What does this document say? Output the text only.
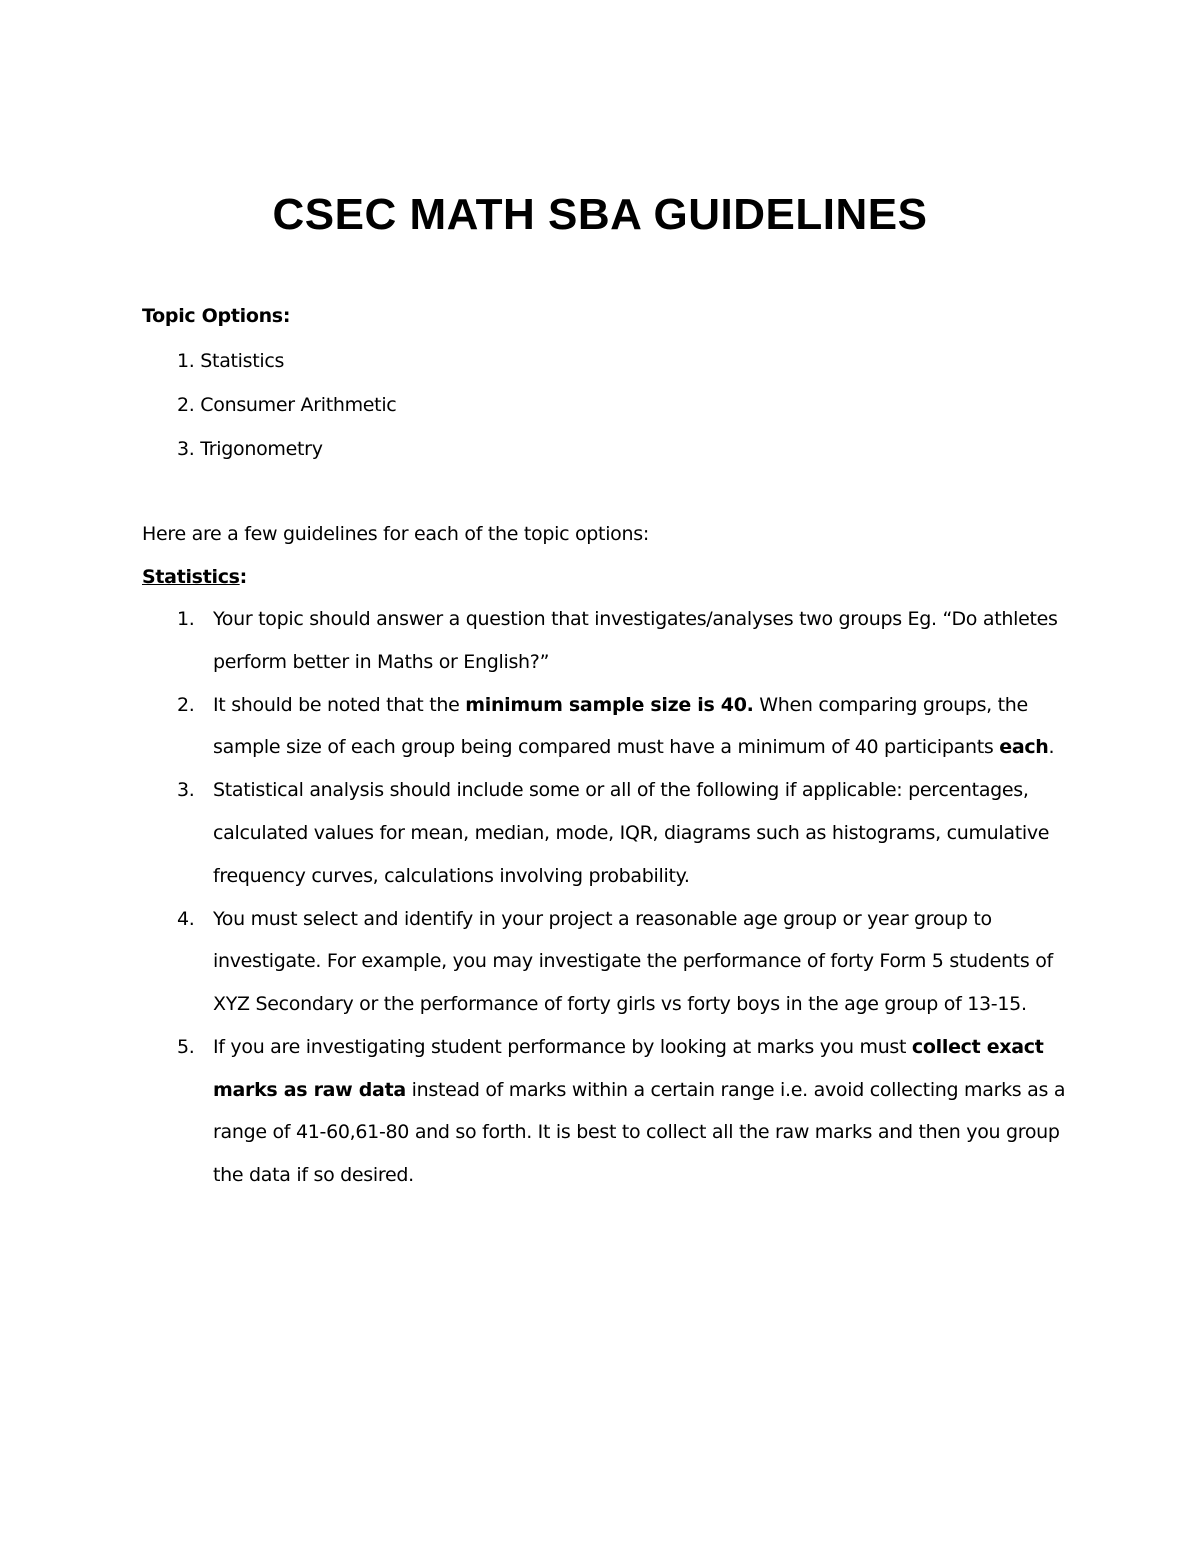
CSEC MATH SBA GUIDELINES

Topic Options:

1. Statistics
2. Consumer Arithmetic
3. Trigonometry

Here are a few guidelines for each of the topic options:

Statistics:

1. Your topic should answer a question that investigates/analyses two groups Eg. “Do athletes perform better in Maths or English?”
2. It should be noted that the minimum sample size is 40. When comparing groups, the sample size of each group being compared must have a minimum of 40 participants each.
3. Statistical analysis should include some or all of the following if applicable: percentages, calculated values for mean, median, mode, IQR, diagrams such as histograms, cumulative frequency curves, calculations involving probability.
4. You must select and identify in your project a reasonable age group or year group to investigate. For example, you may investigate the performance of forty Form 5 students of XYZ Secondary or the performance of forty girls vs forty boys in the age group of 13-15.
5. If you are investigating student performance by looking at marks you must collect exact marks as raw data instead of marks within a certain range i.e. avoid collecting marks as a range of 41-60,61-80 and so forth. It is best to collect all the raw marks and then you group the data if so desired.
